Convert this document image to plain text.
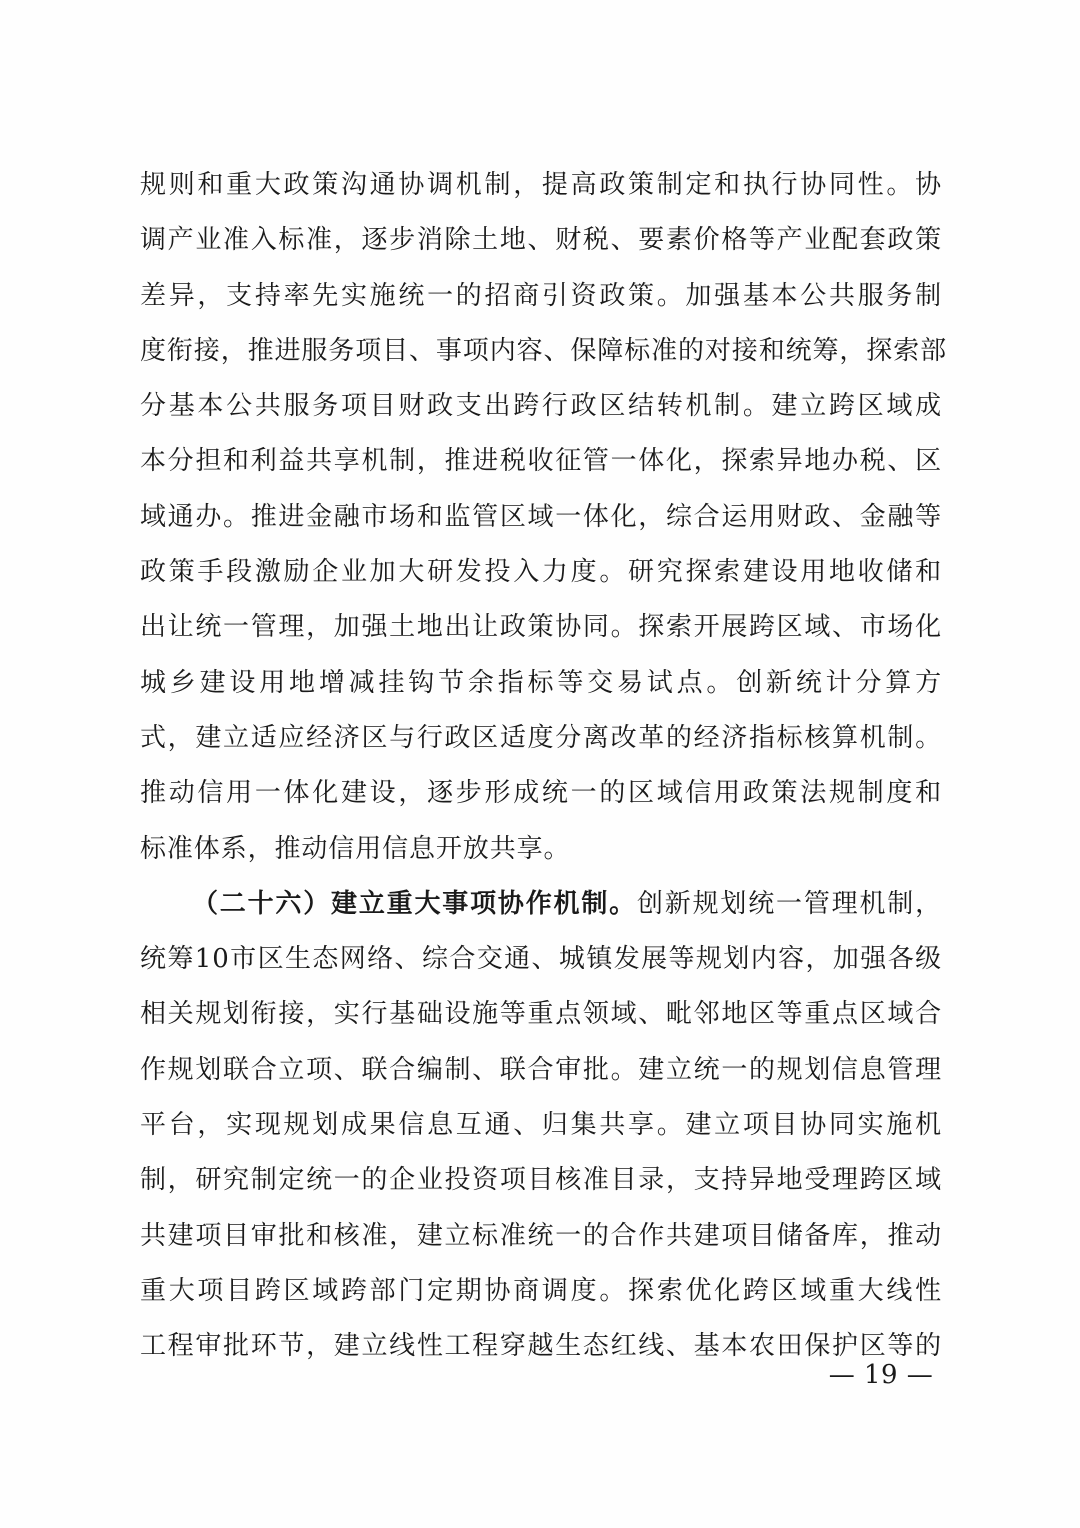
规则和重大政策沟通协调机制，提高政策制定和执行协同性。协
调产业准入标准，逐步消除土地、财税、要素价格等产业配套政策
差异，支持率先实施统一的招商引资政策。加强基本公共服务制
度衔接，推进服务项目、事项内容、保障标准的对接和统筹，探索部
分基本公共服务项目财政支出跨行政区结转机制。建立跨区域成
本分担和利益共享机制，推进税收征管一体化，探索异地办税、区
域通办。推进金融市场和监管区域一体化，综合运用财政、金融等
政策手段激励企业加大研发投入力度。研究探索建设用地收储和
出让统一管理，加强土地出让政策协同。探索开展跨区域、市场化
城乡建设用地增减挂钩节余指标等交易试点。创新统计分算方
式，建立适应经济区与行政区适度分离改革的经济指标核算机制。
推动信用一体化建设，逐步形成统一的区域信用政策法规制度和
标准体系，推动信用信息开放共享。
（二十六）建立重大事项协作机制。创新规划统一管理机制，
统筹10市区生态网络、综合交通、城镇发展等规划内容，加强各级
相关规划衔接，实行基础设施等重点领域、毗邻地区等重点区域合
作规划联合立项、联合编制、联合审批。建立统一的规划信息管理
平台，实现规划成果信息互通、归集共享。建立项目协同实施机
制，研究制定统一的企业投资项目核准目录，支持异地受理跨区域
共建项目审批和核准，建立标准统一的合作共建项目储备库，推动
重大项目跨区域跨部门定期协商调度。探索优化跨区域重大线性
工程审批环节，建立线性工程穿越生态红线、基本农田保护区等的
— 19 —
